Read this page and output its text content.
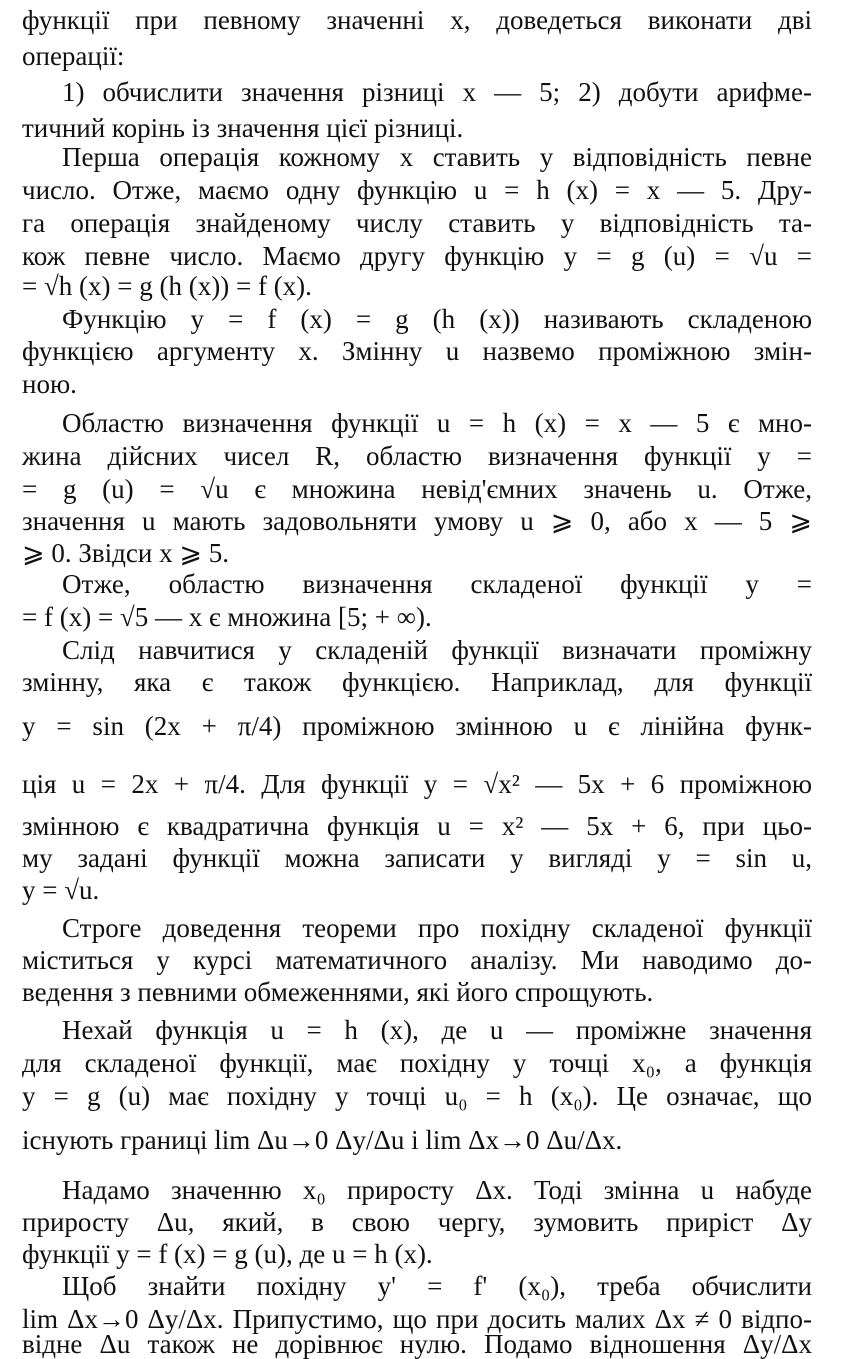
функції при певному значенні x, доведеться виконати дві
операції:
1) обчислити значення різниці x — 5; 2) добути арифме-
тичний корінь із значення цієї різниці.
Перша операція кожному x ставить у відповідність певне
число. Отже, маємо одну функцію u = h (x) = x — 5. Дру-
га операція знайденому числу ставить у відповідність та-
кож певне число. Маємо другу функцію y = g (u) = √u =
= √h (x) = g (h (x)) = f (x).
Функцію y = f (x) = g (h (x)) називають складеною
функцією аргументу x. Змінну u назвемо проміжною змін-
ною.
Областю визначення функції u = h (x) = x — 5 є мно-
жина дійсних чисел R, областю визначення функції y =
= g (u) = √u є множина невід'ємних значень u. Отже,
значення u мають задовольняти умову u ⩾ 0, або x — 5 ⩾
⩾ 0. Звідси x ⩾ 5.
Отже, областю визначення складеної функції y =
= f (x) = √5 — x є множина [5; + ∞).
Слід навчитися у складеній функції визначати проміжну
змінну, яка є також функцією. Наприклад, для функції
y = sin (2x + π/4) проміжною змінною u є лінійна функ-
ція u = 2x + π/4. Для функції y = √x² — 5x + 6 проміжною
змінною є квадратична функція u = x² — 5x + 6, при цьо-
му задані функції можна записати у вигляді y = sin u,
y = √u.
Строге доведення теореми про похідну складеної функції
міститься у курсі математичного аналізу. Ми наводимо до-
ведення з певними обмеженнями, які його спрощують.
Нехай функція u = h (x), де u — проміжне значення
для складеної функції, має похідну у точці x₀, а функція
y = g (u) має похідну у точці u₀ = h (x₀). Це означає, що
існують границі lim Δu→0 Δy/Δu і lim Δx→0 Δu/Δx.
Надамо значенню x₀ приросту Δx. Тоді змінна u набуде
приросту Δu, який, в свою чергу, зумовить приріст Δy
функції y = f (x) = g (u), де u = h (x).
Щоб знайти похідну y' = f' (x₀), треба обчислити
lim Δx→0 Δy/Δx. Припустимо, що при досить малих Δx ≠ 0 відпо-
відне Δu також не дорівнює нулю. Подамо відношення Δy/Δx
